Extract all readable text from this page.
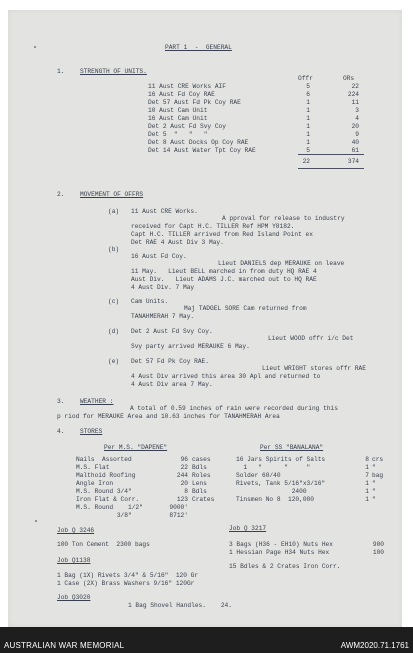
PART 1  -  GENERAL
1.	STRENGTH OF UNITS.
Offr	ORs
11 Aust CRE Works AIF	5	22
16 Aust Fd Coy RAE	6	224
Det 57 Aust Fd Pk Coy RAE	1	11
10 Aust Cam Unit	1	3
16 Aust Cam Unit	1	4
Det 2 Aust Fd Svy Coy	1	20
Det 5  "   "   "	1	9
Det 8 Aust Docks Op Coy RAE	1	40
Det 14 Aust Water Tpt Coy RAE	5	61
22	374
2.	MOVEMENT OF OFFRS
(a) 11 Aust CRE Works.
A pproval for release to industry
received for Capt H.C. TILLER Ref HPM Y8182.
Capt H.C. TILLER arrived from Red Island Point ex
Det RAE 4 Aust Div 3 May.
(b)
16 Aust Fd Coy.
Lieut DANIELS dep MERAUKE on leave
11 May.   Lieut BELL marched in from duty HQ RAE 4
Aust Div.   Lieut ADAMS J.C. marched out to HQ RAE
4 Aust Div. 7 May
(c) Cam Units.
Maj TADGEL SORE Cam returned from
TANAHMERAH 7 May.
(d) Det 2 Aust Fd Svy Coy.
Lieut WOOD offr i/c Det
Svy party arrived MERAUKE 6 May.
(e) Det 57 Fd Pk Coy RAE.
Lieut WRIGHT stores offr RAE
4 Aust Div arrived this area 30 Apl and returned to
4 Aust Div area 7 May.
3.	WEATHER :
A total of 0.59 inches of rain were recorded during this
p riod for MERAUKE Area and 10.63 inches for TANAHMERAH Area
4.	STORES
Per M.S. "DAPENE"	Per SS "BANALANA"
Nails  Assorted	96 cases
M.S. Flat	22 Bdls
Malthoid Roofing	244 Roles
Angle Iron	20 Lens
M.S. Round 3/4"	8 Bdls
Iron Flat & Corr.	123 Crates
M.S. Round    1/2"	9000'
3/8"	8712'
16 Jars Spirits of Salts	8 crs
1   "      "     "	1 "
Solder 60/40	7 bag
Rivets, Tank 5/16"x3/16"	1 "
2400	1 "
Tinsmen No 8  120,000	1 "
Job Q 3246
100 Ton Cement  2300 bags
Job Q1138
1 Bag (1X) Rivets 3/4" & 5/16"  120 Gr
1 Case (2X) Brass Washers 9/16" 120Gr
Job Q 3217
3 Bags (H36 - EH10) Nuts Hex	900
1 Hessian Page H34 Nuts Hex	100
15 Bdles & 2 Crates Iron Corr.
Job Q3020
1 Bag Shovel Handles.    24.
AUSTRALIAN WAR MEMORIAL	AWM2020.71.1761
